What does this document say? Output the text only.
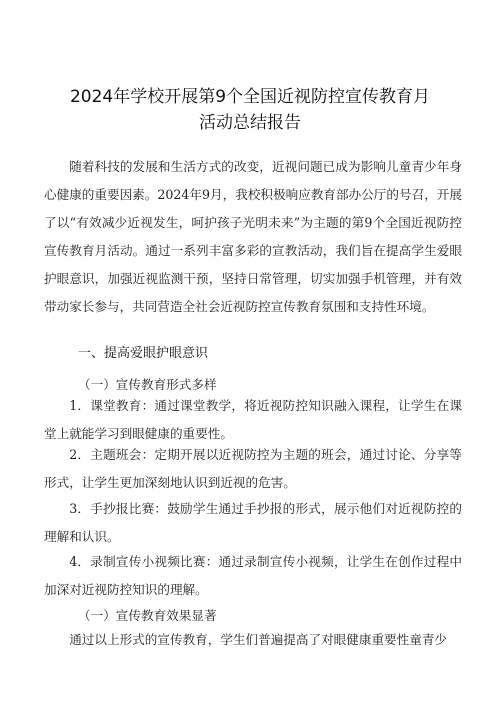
2024年学校开展第9个全国近视防控宣传教育月
活动总结报告

随着科技的发展和生活方式的改变，近视问题已成为影响儿童青少年身心健康的重要因素。2024年9月，我校积极响应教育部办公厅的号召，开展了以“有效减少近视发生，呵护孩子光明未来”为主题的第9个全国近视防控宣传教育月活动。通过一系列丰富多彩的宣教活动，我们旨在提高学生爱眼护眼意识，加强近视监测干预，坚持日常管理，切实加强手机管理，并有效带动家长参与，共同营造全社会近视防控宣传教育氛围和支持性环境。

一、提高爱眼护眼意识
（一）宣传教育形式多样

1．课堂教育：通过课堂教学，将近视防控知识融入课程，让学生在课堂上就能学习到眼健康的重要性。

2．主题班会：定期开展以近视防控为主题的班会，通过讨论、分享等形式，让学生更加深刻地认识到近视的危害。

3．手抄报比赛：鼓励学生通过手抄报的形式，展示他们对近视防控的理解和认识。

4．录制宣传小视频比赛：通过录制宣传小视频，让学生在创作过程中加深对近视防控知识的理解。

（一）宣传教育效果显著

通过以上形式的宣传教育，学生们普遍提高了对眼健康重要性童青少
